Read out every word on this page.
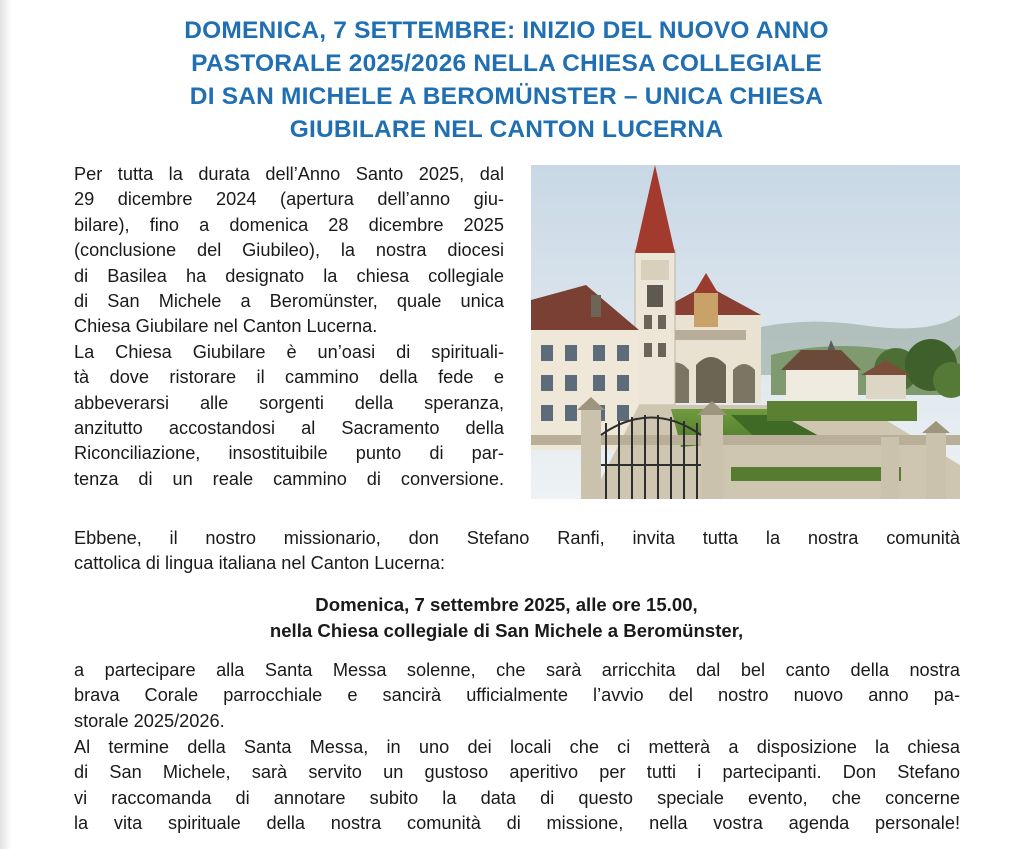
DOMENICA, 7 SETTEMBRE: INIZIO DEL NUOVO ANNO
PASTORALE 2025/2026 NELLA CHIESA COLLEGIALE
DI SAN MICHELE A BEROMÜNSTER – UNICA CHIESA
GIUBILARE NEL CANTON LUCERNA
Per tutta la durata dell’Anno Santo 2025, dal
29 dicembre 2024 (apertura dell’anno giu-
bilare), fino a domenica 28 dicembre 2025
(conclusione del Giubileo), la nostra diocesi
di Basilea ha designato la chiesa collegiale
di San Michele a Beromünster, quale unica
Chiesa Giubilare nel Canton Lucerna.
La Chiesa Giubilare è un’oasi di spirituali-
tà dove ristorare il cammino della fede e
abbeverarsi alle sorgenti della speranza,
anzitutto accostandosi al Sacramento della
Riconciliazione, insostituibile punto di par-
tenza di un reale cammino di conversione.
Ebbene, il nostro missionario, don Stefano Ranfi, invita tutta la nostra comunità
cattolica di lingua italiana nel Canton Lucerna:
Domenica, 7 settembre 2025, alle ore 15.00,
nella Chiesa collegiale di San Michele a Beromünster,
a partecipare alla Santa Messa solenne, che sarà arricchita dal bel canto della nostra
brava Corale parrocchiale e sancirà ufficialmente l’avvio del nostro nuovo anno pa-
storale 2025/2026.
Al termine della Santa Messa, in uno dei locali che ci metterà a disposizione la chiesa
di San Michele, sarà servito un gustoso aperitivo per tutti i partecipanti. Don Stefano
vi raccomanda di annotare subito la data di questo speciale evento, che concerne
la vita spirituale della nostra comunità di missione, nella vostra agenda personale!
